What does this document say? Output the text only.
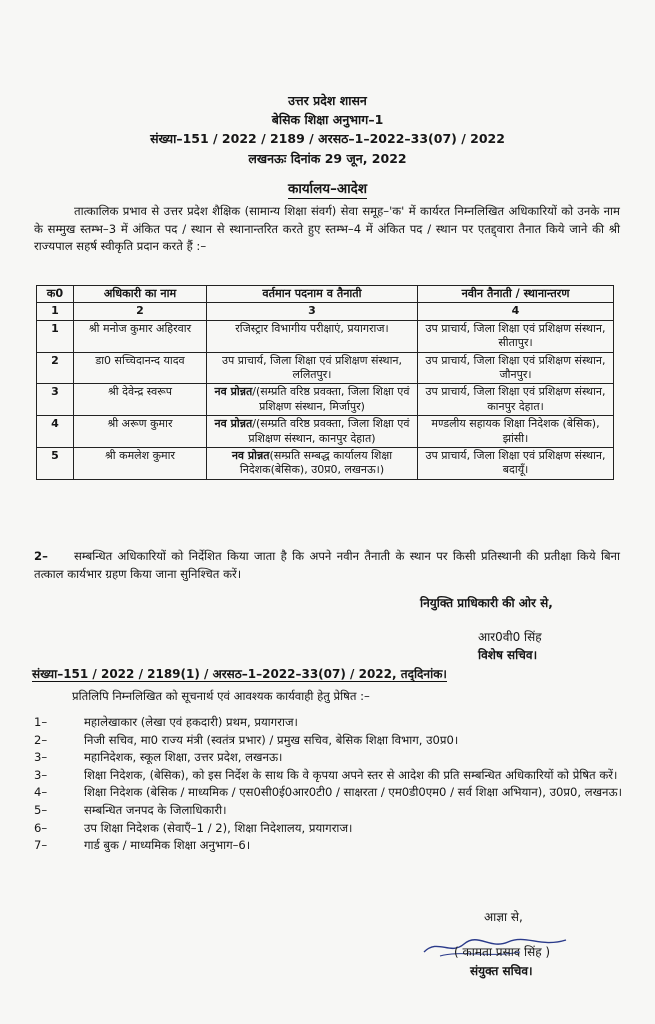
उत्तर प्रदेश शासन
बेसिक शिक्षा अनुभाग–1
संख्या–151 / 2022 / 2189 / अरसठ–1–2022–33(07) / 2022
लखनऊः दिनांक 29 जून, 2022
कार्यालय–आदेश
तात्कालिक प्रभाव से उत्तर प्रदेश शैक्षिक (सामान्य शिक्षा संवर्ग) सेवा समूह–'क' में कार्यरत निम्नलिखित अधिकारियों को उनके नाम के सम्मुख स्तम्भ–3 में अंकित पद / स्थान से स्थानान्तरित करते हुए स्तम्भ–4 में अंकित पद / स्थान पर एतद्द्वारा तैनात किये जाने की श्री राज्यपाल सहर्ष स्वीकृति प्रदान करते हैं :–
क0	अधिकारी का नाम	वर्तमान पदनाम व तैनाती	नवीन तैनाती / स्थानान्तरण
1	2	3	4
1	श्री मनोज कुमार अहिरवार	रजिस्ट्रार विभागीय परीक्षाएं, प्रयागराज।	उप प्राचार्य, जिला शिक्षा एवं प्रशिक्षण संस्थान, सीतापुर।
2	डा0 सच्चिदानन्द यादव	उप प्राचार्य, जिला शिक्षा एवं प्रशिक्षण संस्थान, ललितपुर।	उप प्राचार्य, जिला शिक्षा एवं प्रशिक्षण संस्थान, जौनपुर।
3	श्री देवेन्द्र स्वरूप	नव प्रोन्नत/(सम्प्रति वरिष्ठ प्रवक्ता, जिला शिक्षा एवं प्रशिक्षण संस्थान, मिर्जापुर)	उप प्राचार्य, जिला शिक्षा एवं प्रशिक्षण संस्थान, कानपुर देहात।
4	श्री अरूण कुमार	नव प्रोन्नत/(सम्प्रति वरिष्ठ प्रवक्ता, जिला शिक्षा एवं प्रशिक्षण संस्थान, कानपुर देहात)	मण्डलीय सहायक शिक्षा निदेशक (बेसिक), झांसी।
5	श्री कमलेश कुमार	नव प्रोन्नत(सम्प्रति सम्बद्ध कार्यालय शिक्षा निदेशक(बेसिक), उ0प्र0, लखनऊ।)	उप प्राचार्य, जिला शिक्षा एवं प्रशिक्षण संस्थान, बदायूँ।
2– सम्बन्धित अधिकारियों को निर्देशित किया जाता है कि अपने नवीन तैनाती के स्थान पर किसी प्रतिस्थानी की प्रतीक्षा किये बिना तत्काल कार्यभार ग्रहण किया जाना सुनिश्चित करें।
नियुक्ति प्राधिकारी की ओर से,
आर0वी0 सिंह
विशेष सचिव।
संख्या–151 / 2022 / 2189(1) / अरसठ–1–2022–33(07) / 2022, तद्‌दिनांक।
प्रतिलिपि निम्नलिखित को सूचनार्थ एवं आवश्यक कार्यवाही हेतु प्रेषित :–
1–	महालेखाकार (लेखा एवं हकदारी) प्रथम, प्रयागराज।
2–	निजी सचिव, मा0 राज्य मंत्री (स्वतंत्र प्रभार) / प्रमुख सचिव, बेसिक शिक्षा विभाग, उ0प्र0।
3–	महानिदेशक, स्कूल शिक्षा, उत्तर प्रदेश, लखनऊ।
3–	शिक्षा निदेशक, (बेसिक), को इस निर्देश के साथ कि वे कृपया अपने स्तर से आदेश की प्रति सम्बन्धित अधिकारियों को प्रेषित करें।
4–	शिक्षा निदेशक (बेसिक / माध्यमिक / एस0सी0ई0आर0टी0 / साक्षरता / एम0डी0एम0 / सर्व शिक्षा अभियान), उ0प्र0, लखनऊ।
5–	सम्बन्धित जनपद के जिलाधिकारी।
6–	उप शिक्षा निदेशक (सेवाएँ–1 / 2), शिक्षा निदेशालय, प्रयागराज।
7–	गार्ड बुक / माध्यमिक शिक्षा अनुभाग–6।
आज्ञा से,
( कामता प्रसाद सिंह )
संयुक्त सचिव।
